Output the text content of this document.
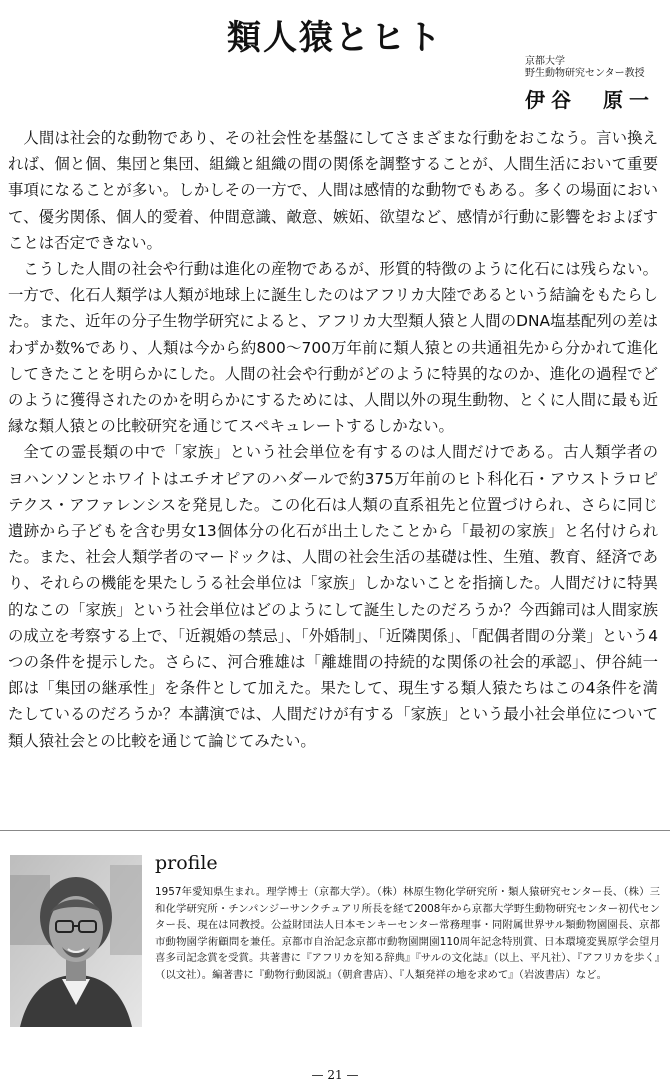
類人猿とヒト
京都大学
野生動物研究センター教授
伊谷　原一

人間は社会的な動物であり、その社会性を基盤にしてさまざまな行動をおこなう。言い換えれば、個と個、集団と集団、組織と組織の間の関係を調整することが、人間生活において重要事項になることが多い。しかしその一方で、人間は感情的な動物でもある。多くの場面において、優劣関係、個人的愛着、仲間意識、敵意、嫉妬、欲望など、感情が行動に影響をおよぼすことは否定できない。

こうした人間の社会や行動は進化の産物であるが、形質的特徴のように化石には残らない。一方で、化石人類学は人類が地球上に誕生したのはアフリカ大陸であるという結論をもたらした。また、近年の分子生物学研究によると、アフリカ大型類人猿と人間のDNA塩基配列の差はわずか数%であり、人類は今から約800～700万年前に類人猿との共通祖先から分かれて進化してきたことを明らかにした。人間の社会や行動がどのように特異的なのか、進化の過程でどのように獲得されたのかを明らかにするためには、人間以外の現生動物、とくに人間に最も近縁な類人猿との比較研究を通じてスペキュレートするしかない。

全ての霊長類の中で「家族」という社会単位を有するのは人間だけである。古人類学者の ヨハンソンとホワイトはエチオピアのハダールで約375万年前のヒト科化石・アウストラロピテクス・アファレンシスを発見した。この化石は人類の直系祖先と位置づけられ、さらに同じ遺跡から子どもを含む男女13個体分の化石が出土したことから「最初の家族」と名付けられた。また、社会人類学者のマードックは、人間の社会生活の基礎は性、生殖、教育、経済であり、それらの機能を果たしうる社会単位は「家族」しかないことを指摘した。人間だけに特異的なこの「家族」という社会単位はどのようにして誕生したのだろうか？今西錦司は人間家族の成立を考察する上で、「近親婚の禁忌」、「外婚制」、「近隣関係」、「配偶者間の分業」という4つの条件を提示した。さらに、河合雅雄は「離雄間の持続的な関係の社会的承認」、伊谷純一郎は「集団の継承性」を条件として加えた。果たして、現生する類人猿たちはこの4条件を満たしているのだろうか？本講演では、人間だけが有する「家族」という最小社会単位について類人猿社会との比較を通じて論じてみたい。

profile
1957年愛知県生まれ。理学博士（京都大学）。（株）林原生物化学研究所・類人猿研究センター長、（株）三和化学研究所・チンパンジーサンクチュアリ所長を経て2008年から京都大学野生動物研究センター初代センター長、現在は同教授。公益財団法人日本モンキーセンター常務理事・同附属世界サル類動物園園長、京都市動物園学術顧問を兼任。京都市自治記念京都市動物園開園110周年記念特別賞、日本環境変異原学会望月喜多司記念賞を受賞。共著書に『アフリカを知る辞典』『サルの文化誌』（以上、平凡社）、『アフリカを歩く』（以文社）。編著書に『動物行動図説』（朝倉書店）、『人類発祥の地を求めて』（岩波書店）など。
— 21 —
